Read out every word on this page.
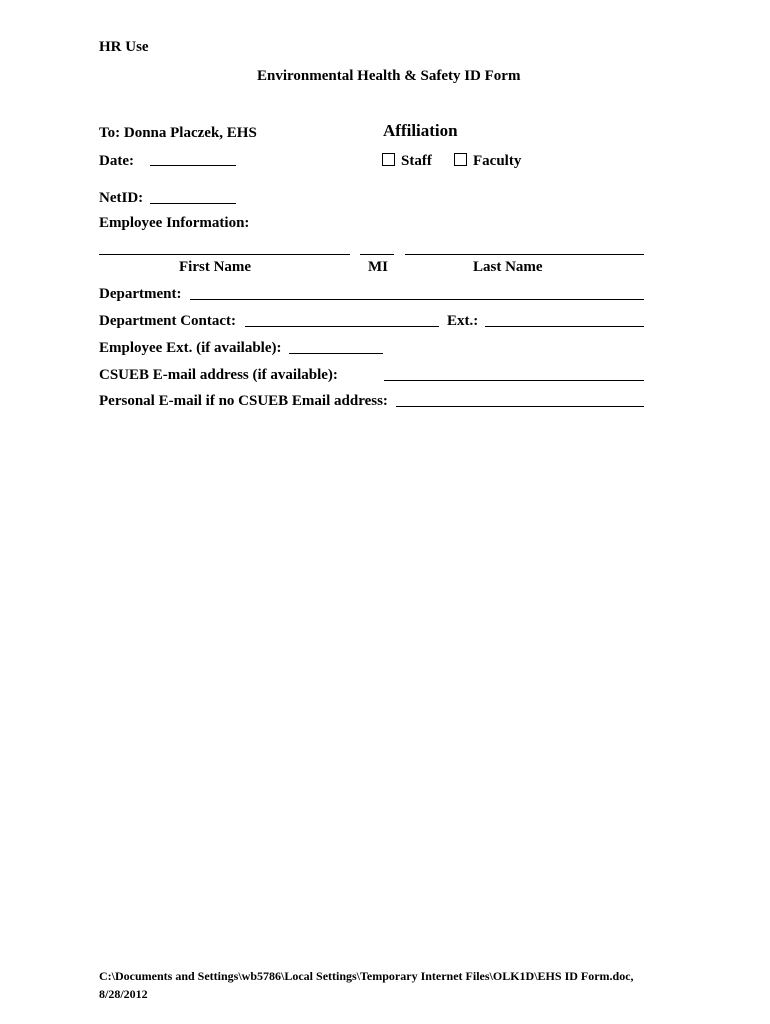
HR Use
Environmental Health & Safety ID Form
To: Donna Placzek, EHS	Affiliation
Date:	Staff	Faculty
NetID:
Employee Information:
First Name	MI	Last Name
Department:
Department Contact:	Ext.:
Employee Ext. (if available):
CSUEB E-mail address (if available):
Personal E-mail if no CSUEB Email address:
C:\Documents and Settings\wb5786\Local Settings\Temporary Internet Files\OLK1D\EHS ID Form.doc,
8/28/2012
